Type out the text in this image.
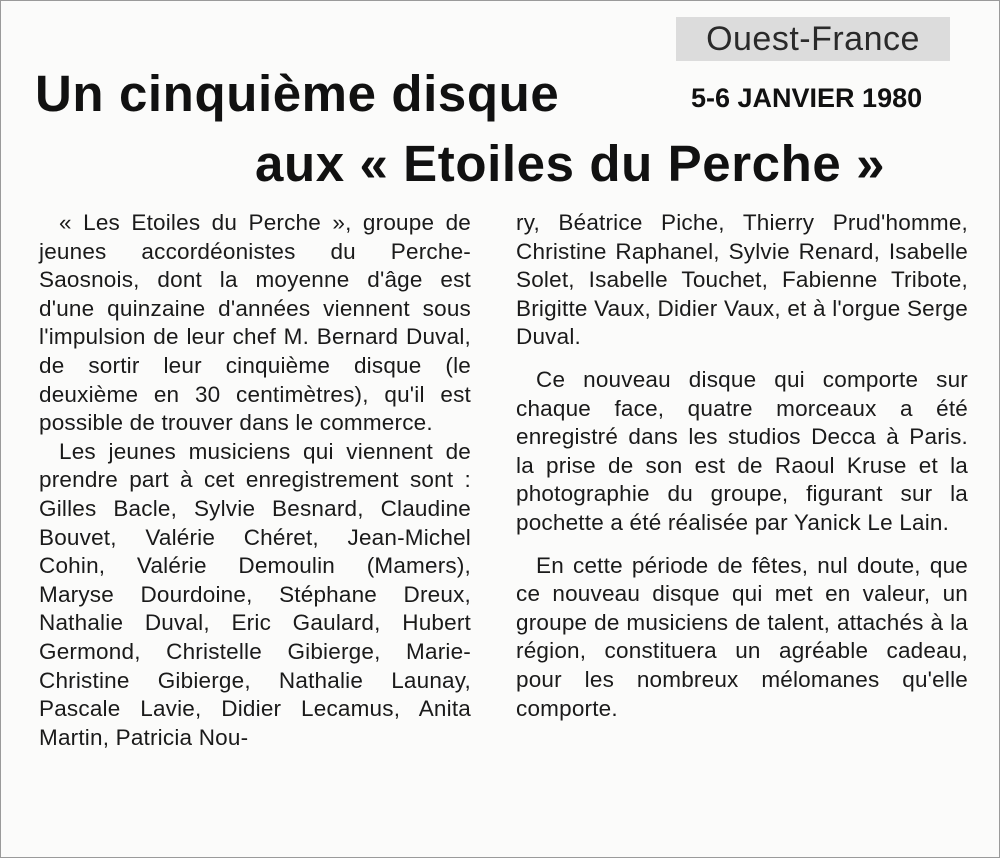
Ouest-France
Un cinquième disque	5-6 JANVIER 1980
aux « Etoiles du Perche »

« Les Etoiles du Perche », groupe de jeunes accordéonistes du Perche-Saosnois, dont la moyenne d'âge est d'une quinzaine d'années viennent sous l'impulsion de leur chef M. Bernard Duval, de sortir leur cinquième disque (le deuxième en 30 centimètres), qu'il est possible de trouver dans le commerce.

Les jeunes musiciens qui viennent de prendre part à cet enregistrement sont : Gilles Bacle, Sylvie Besnard, Claudine Bouvet, Valérie Chéret, Jean-Michel Cohin, Valérie Demoulin (Mamers), Maryse Dourdoine, Stéphane Dreux, Nathalie Duval, Eric Gaulard, Hubert Germond, Christelle Gibierge, Marie-Christine Gibierge, Nathalie Launay, Pascale Lavie, Didier Lecamus, Anita Martin, Patricia Nou-

ry, Béatrice Piche, Thierry Prud'homme, Christine Raphanel, Sylvie Renard, Isabelle Solet, Isabelle Touchet, Fabienne Tribote, Brigitte Vaux, Didier Vaux, et à l'orgue Serge Duval.

Ce nouveau disque qui comporte sur chaque face, quatre morceaux a été enregistré dans les studios Decca à Paris. la prise de son est de Raoul Kruse et la photographie du groupe, figurant sur la pochette a été réalisée par Yanick Le Lain.

En cette période de fêtes, nul doute, que ce nouveau disque qui met en valeur, un groupe de musiciens de talent, attachés à la région, constituera un agréable cadeau, pour les nombreux mélomanes qu'elle comporte.
